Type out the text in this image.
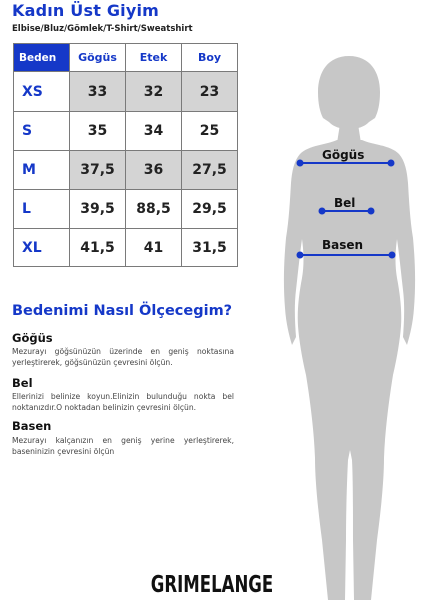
Kadın Üst Giyim
Elbise/Bluz/Gömlek/T-Shirt/Sweatshirt
Beden	Gögüs	Etek	Boy
XS	33	32	23
S	35	34	25
M	37,5	36	27,5
L	39,5	88,5	29,5
XL	41,5	41	31,5
Bedenimi Nasıl Ölçecegim?
Göğüs
Mezurayı göğsünüzün üzerinde en geniş noktasına yerleştirerek, göğsünüzün çevresini ölçün.
Bel
Ellerinizi belinize koyun.Elinizin bulunduğu nokta bel noktanızdır.O noktadan belinizin çevresini ölçün.
Basen
Mezurayı kalçanızın en geniş yerine yerleştirerek, baseninizin çevresini ölçün
Gögüs
Bel
Basen
GRIMELANGE
